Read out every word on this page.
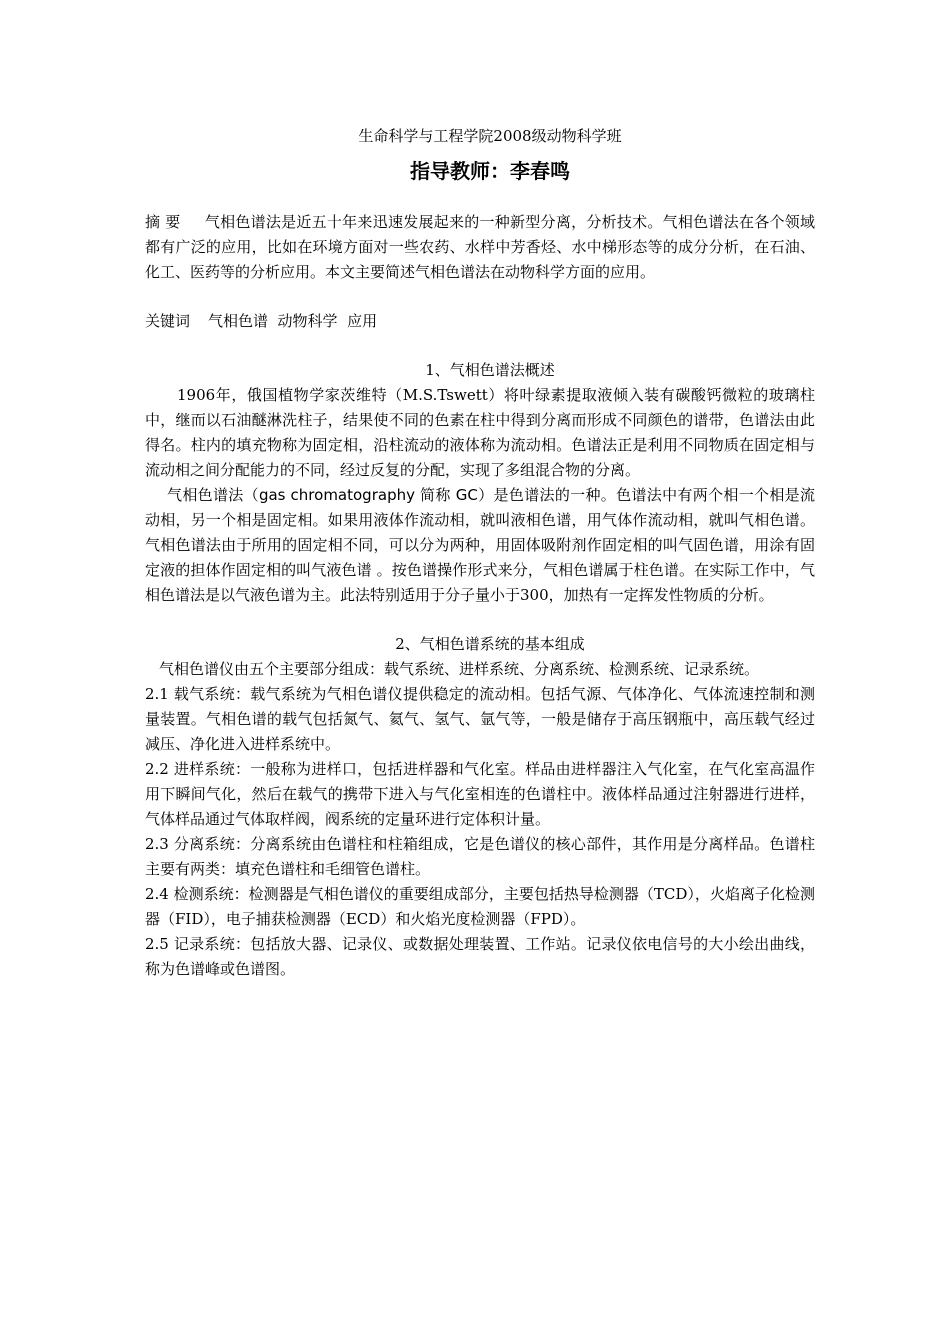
生命科学与工程学院2008级动物科学班
指导教师：李春鸣

摘 要 气相色谱法是近五十年来迅速发展起来的一种新型分离，分析技术。气相色谱法在各个领域都有广泛的应用，比如在环境方面对一些农药、水样中芳香烃、水中梯形态等的成分分析，在石油、化工、医药等的分析应用。本文主要简述气相色谱法在动物科学方面的应用。

关键词 气相色谱  动物科学  应用

1、气相色谱法概述

1906年，俄国植物学家茨维特（M.S.Tswett）将叶绿素提取液倾入装有碳酸钙微粒的玻璃柱中，继而以石油醚淋洗柱子，结果使不同的色素在柱中得到分离而形成不同颜色的谱带，色谱法由此得名。柱内的填充物称为固定相，沿柱流动的液体称为流动相。色谱法正是利用不同物质在固定相与流动相之间分配能力的不同，经过反复的分配，实现了多组混合物的分离。

气相色谱法（gas chromatography 简称 GC）是色谱法的一种。色谱法中有两个相一个相是流动相，另一个相是固定相。如果用液体作流动相，就叫液相色谱，用气体作流动相，就叫气相色谱。气相色谱法由于所用的固定相不同，可以分为两种，用固体吸附剂作固定相的叫气固色谱，用涂有固定液的担体作固定相的叫气液色谱 。按色谱操作形式来分，气相色谱属于柱色谱。在实际工作中，气相色谱法是以气液色谱为主。此法特别适用于分子量小于300，加热有一定挥发性物质的分析。

2、气相色谱系统的基本组成

气相色谱仪由五个主要部分组成：载气系统、进样系统、分离系统、检测系统、记录系统。

2.1 载气系统：载气系统为气相色谱仪提供稳定的流动相。包括气源、气体净化、气体流速控制和测量装置。气相色谱的载气包括氮气、氦气、氢气、氩气等，一般是储存于高压钢瓶中，高压载气经过减压、净化进入进样系统中。

2.2 进样系统：一般称为进样口，包括进样器和气化室。样品由进样器注入气化室，在气化室高温作用下瞬间气化，然后在载气的携带下进入与气化室相连的色谱柱中。液体样品通过注射器进行进样，气体样品通过气体取样阀，阀系统的定量环进行定体积计量。

2.3 分离系统：分离系统由色谱柱和柱箱组成，它是色谱仪的核心部件，其作用是分离样品。色谱柱主要有两类：填充色谱柱和毛细管色谱柱。

2.4 检测系统：检测器是气相色谱仪的重要组成部分，主要包括热导检测器（TCD），火焰离子化检测器（FID），电子捕获检测器（ECD）和火焰光度检测器（FPD）。

2.5 记录系统：包括放大器、记录仪、或数据处理装置、工作站。记录仪依电信号的大小绘出曲线，称为色谱峰或色谱图。
